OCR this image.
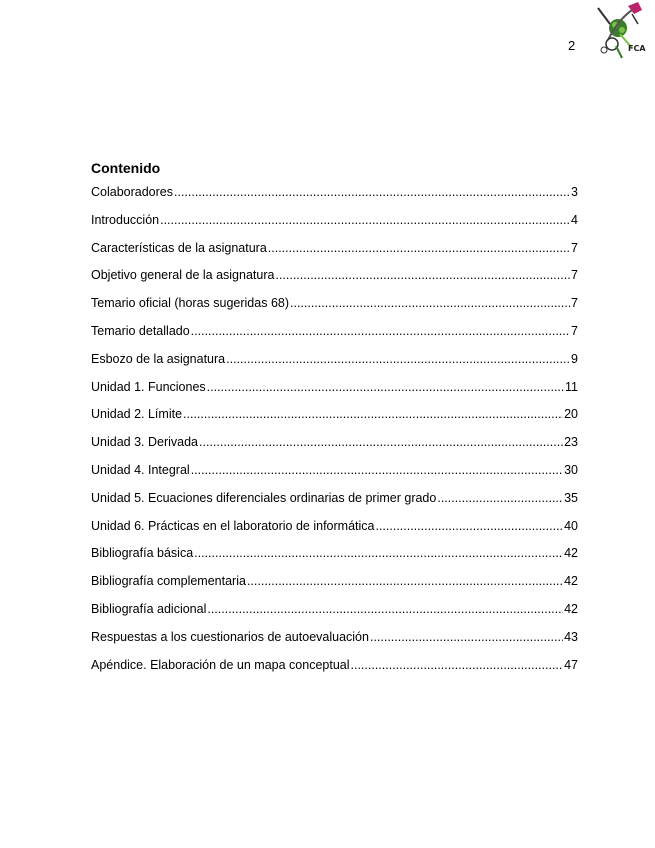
2	FCA
Contenido
Colaboradores .....	3
Introducción .....	4
Características de la asignatura .....	7
Objetivo general de la asignatura .....	7
Temario oficial (horas sugeridas 68) .....	7
Temario detallado .....	7
Esbozo de la asignatura .....	9
Unidad 1. Funciones .....	11
Unidad 2. Límite .....	20
Unidad 3. Derivada .....	23
Unidad 4. Integral .....	30
Unidad 5. Ecuaciones diferenciales ordinarias de primer grado .....	35
Unidad 6. Prácticas en el laboratorio de informática .....	40
Bibliografía básica .....	42
Bibliografía complementaria .....	42
Bibliografía adicional .....	42
Respuestas a los cuestionarios de autoevaluación .....	43
Apéndice. Elaboración de un mapa conceptual .....	47
